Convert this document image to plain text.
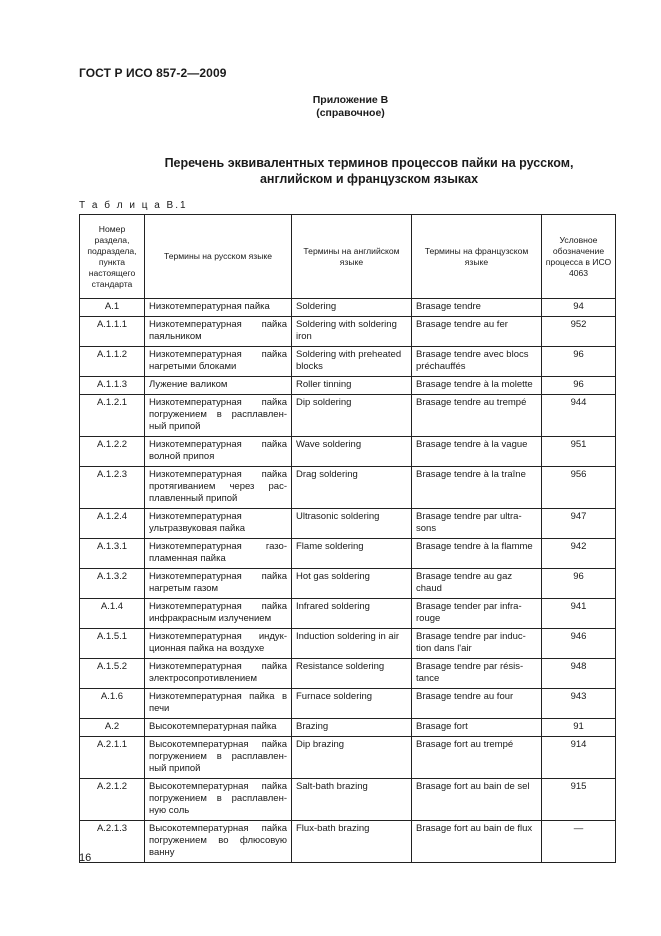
ГОСТ Р ИСО 857-2—2009
Приложение В
(справочное)
Перечень эквивалентных терминов процессов пайки на русском,
английском и французском языках
Т а б л и ц а В.1
Номер раздела, подраздела, пункта настоящего стандарта	Термины на русском языке	Термины на английском языке	Термины на французском языке	Условное обозначение процесса в ИСО 4063
А.1	Низкотемпературная пайка	Soldering	Brasage tendre	94
А.1.1.1	Низкотемпературная пайка паяльником	Soldering with soldering iron	Brasage tendre au fer	952
А.1.1.2	Низкотемпературная пайка нагретыми блоками	Soldering with preheated blocks	Brasage tendre avec blocs préchauffés	96
А.1.1.3	Лужение валиком	Roller tinning	Brasage tendre à la molette	96
А.1.2.1	Низкотемпературная пайка погружением в расплавлен-ный припой	Dip soldering	Brasage tendre au trempé	944
А.1.2.2	Низкотемпературная пайка волной припоя	Wave soldering	Brasage tendre à la vague	951
А.1.2.3	Низкотемпературная пайка протягиванием через рас-плавленный припой	Drag soldering	Brasage tendre à la traîne	956
А.1.2.4	Низкотемпературная ультразвуковая пайка	Ultrasonic soldering	Brasage tendre par ultra-sons	947
А.1.3.1	Низкотемпературная газо-пламенная пайка	Flame soldering	Brasage tendre à la flamme	942
А.1.3.2	Низкотемпературная пайка нагретым газом	Hot gas soldering	Brasage tendre au gaz chaud	96
А.1.4	Низкотемпературная пайка инфракрасным излучением	Infrared soldering	Brasage tender par infra-rouge	941
А.1.5.1	Низкотемпературная индук-ционная пайка на воздухе	Induction soldering in air	Brasage tendre par induc-tion dans l'air	946
А.1.5.2	Низкотемпературная пайка электросопротивлением	Resistance soldering	Brasage tendre par résis-tance	948
А.1.6	Низкотемпературная пайка в печи	Furnace soldering	Brasage tendre au four	943
А.2	Высокотемпературная пайка	Brazing	Brasage fort	91
А.2.1.1	Высокотемпературная пайка погружением в расплавлен-ный припой	Dip brazing	Brasage fort au trempé	914
А.2.1.2	Высокотемпературная пайка погружением в расплавлен-ную соль	Salt-bath brazing	Brasage fort au bain de sel	915
А.2.1.3	Высокотемпературная пайка погружением во флюсовую ванну	Flux-bath brazing	Brasage fort au bain de flux	—
16
